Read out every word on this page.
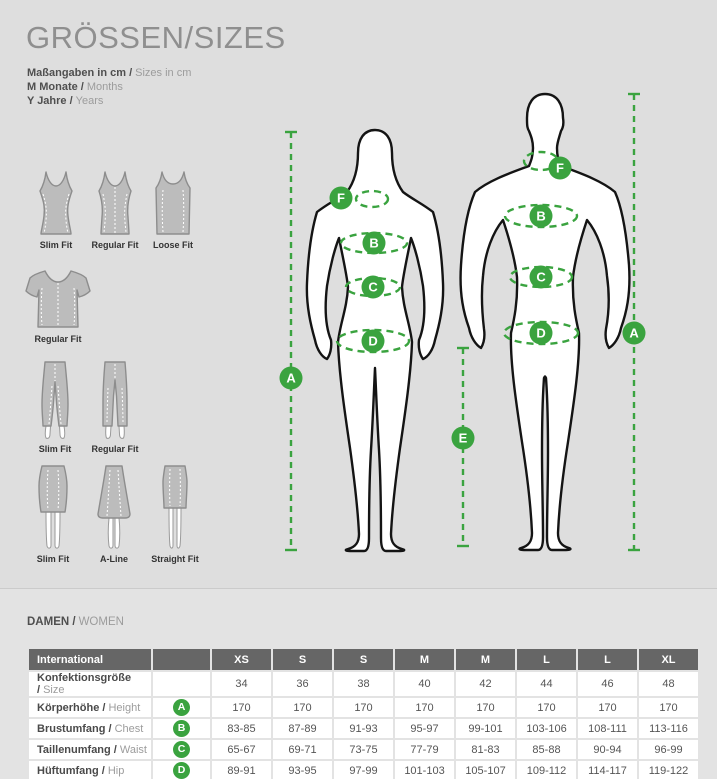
GRÖSSEN/SIZES
Maßangaben in cm / Sizes in cm
M Monate / Months
Y Jahre / Years
Slim Fit Regular Fit Loose Fit
Regular Fit
Slim Fit Regular Fit
Slim Fit	A-Line	Straight Fit
F
B
C
D
A
E
F
B
C
D	A
DAMEN / WOMEN
International		XS	S	S	M	M	L	L	XL
Konfektionsgröße / Size		34	36	38	40	42	44	46	48
Körperhöhe / Height	A	170	170	170	170	170	170	170	170
Brustumfang / Chest	B	83-85	87-89	91-93	95-97	99-101	103-106	108-111	113-116
Taillenumfang / Waist	C	65-67	69-71	73-75	77-79	81-83	85-88	90-94	96-99
Hüftumfang / Hip	D	89-91	93-95	97-99	101-103	105-107	109-112	114-117	119-122
